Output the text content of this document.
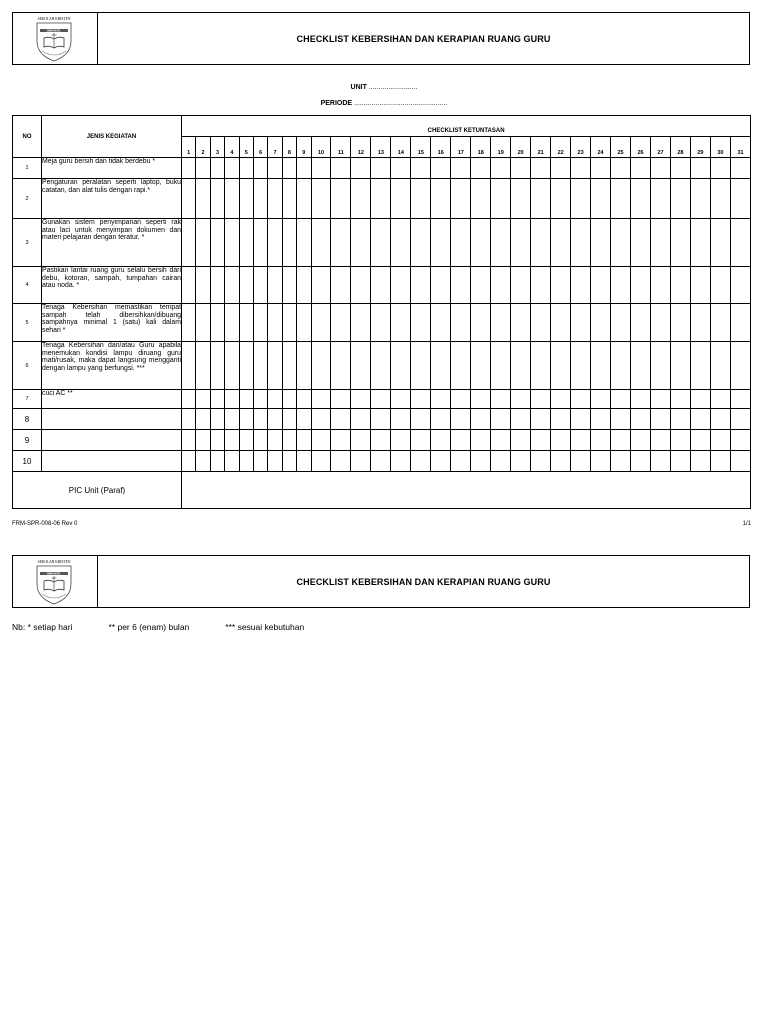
SEKOLAH KRISTEN
IMMANUEL
CHECKLIST KEBERSIHAN DAN KERAPIAN RUANG GURU
UNIT .........................
PERIODE ................................................
NO	JENIS KEGIATAN	CHECKLIST KETUNTASAN																														
		1	2	3	4	5	6	7	8	9	10	11	12	13	14	15	16	17	18	19	20	21	22	23	24	25	26	27	28	29	30	31
1	Meja guru bersih dan tidak berdebu *																															
2	Pengaturan peralatan seperti laptop, buku catatan, dan alat tulis dengan rapi.*																															
3	Gunakan sistem penyimpanan seperti rak atau laci untuk menyimpan dokumen dan materi pelajaran dengan teratur. *																															
4	Pastikan lantai ruang guru selalu bersih dari debu, kotoran, sampah, tumpahan cairan atau noda. *																															
5	Tenaga Kebersihan memastikan tempat sampah telah dibersihkan/dibuang sampahnya minimal 1 (satu) kali dalam sehari *																															
6	Tenaga Kebersihan dan/atau Guru apabila menemukan kondisi lampu diruang guru mati/rusak, maka dapat langsung mengganti dengan lampu yang berfungsi. ***																															
7	cuci AC **																															
8																																
9																																
10																																
PIC Unit (Paraf)																																
FRM-SPR-008-06 Rev 0	1/1
SEKOLAH KRISTEN
IMMANUEL
CHECKLIST KEBERSIHAN DAN KERAPIAN RUANG GURU
Nb: * setiap hari	** per 6 (enam) bulan	*** sesuai kebutuhan
